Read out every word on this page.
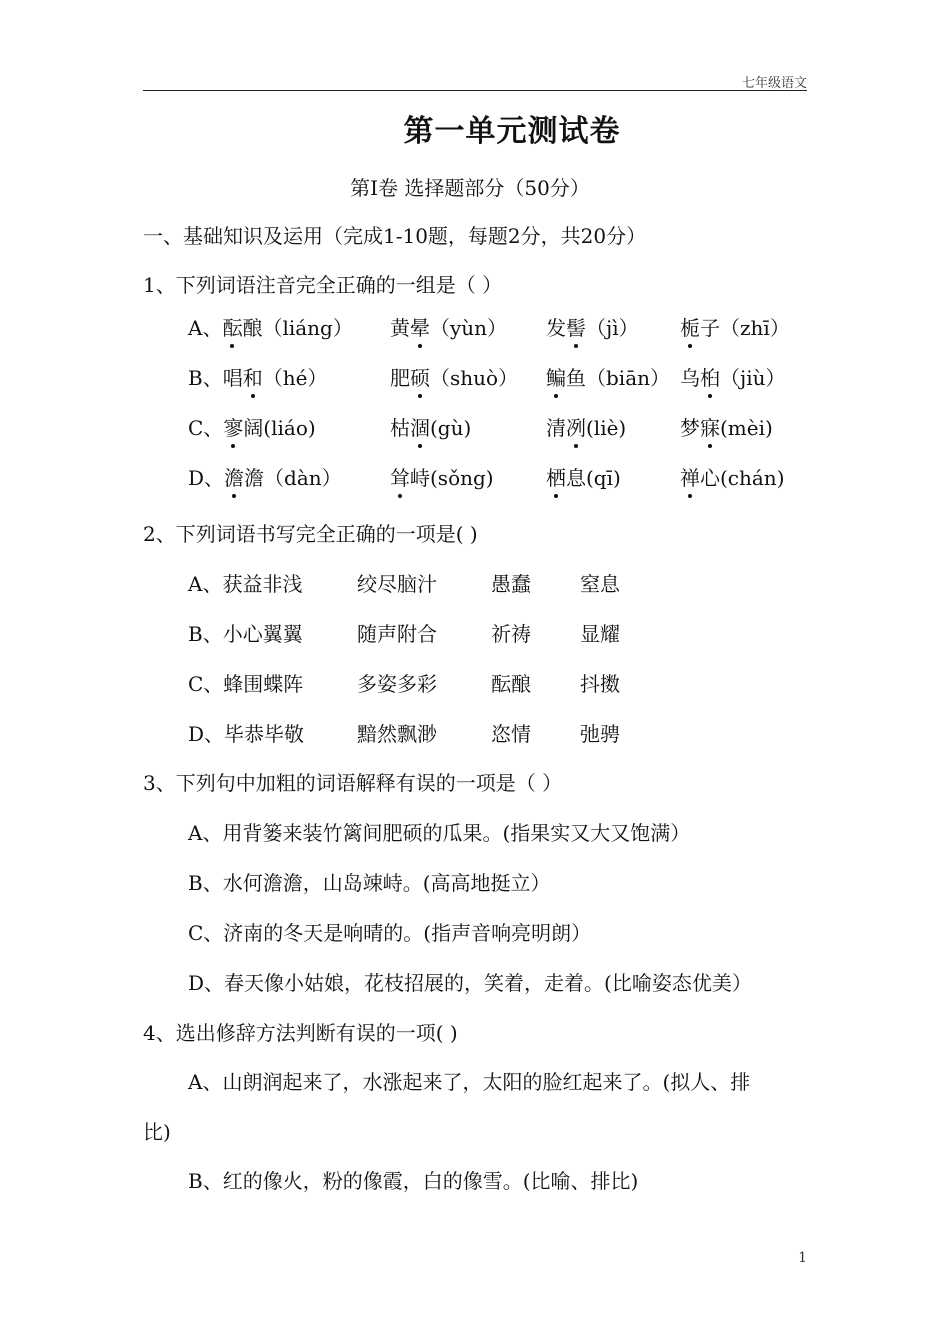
七年级语文
第一单元测试卷
第Ⅰ卷 选择题部分（50分）
一、基础知识及运用（完成1-10题，每题2分，共20分）
1、下列词语注音完全正确的一组是（ ）
A、酝酿（liáng） 黄晕（yùn） 发髻（jì） 栀子（zhī）
B、唱和（hé）	肥硕（shuò） 鳊鱼（biān） 乌桕（jiù）
C、寥阔(liáo)	枯涸(gù)	清冽(liè)	梦寐(mèi)
D、澹澹（dàn） 耸峙(sǒng)	栖息(qī)	禅心(chán)
2、下列词语书写完全正确的一项是( )
A、获益非浅	绞尽脑汁	愚蠢 窒息
B、小心翼翼	随声附合	祈祷 显耀
C、蜂围蝶阵	多姿多彩	酝酿 抖擞
D、毕恭毕敬	黯然飘渺	恣情 弛骋
3、下列句中加粗的词语解释有误的一项是（ ）
A、用背篓来装竹篱间肥硕的瓜果。(指果实又大又饱满）
B、水何澹澹，山岛竦峙。(高高地挺立）
C、济南的冬天是响晴的。(指声音响亮明朗）
D、春天像小姑娘，花枝招展的，笑着，走着。(比喻姿态优美）
4、选出修辞方法判断有误的一项( )
A、山朗润起来了，水涨起来了，太阳的脸红起来了。(拟人、排
比)
B、红的像火，粉的像霞，白的像雪。(比喻、排比)
1
